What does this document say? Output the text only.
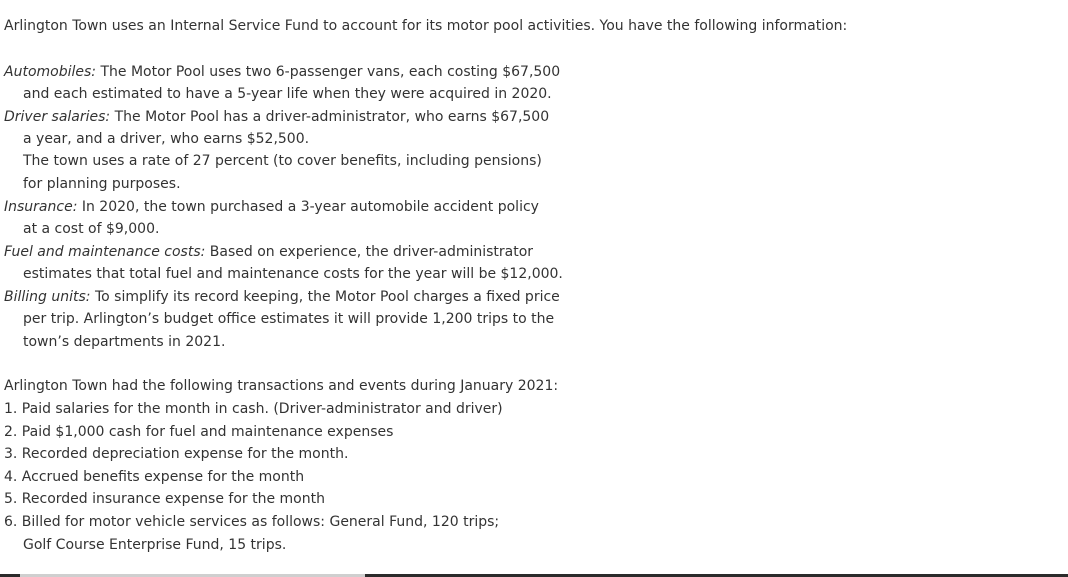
Arlington Town uses an Internal Service Fund to account for its motor pool activities. You have the following information:
Automobiles: The Motor Pool uses two 6-passenger vans, each costing $67,500
and each estimated to have a 5-year life when they were acquired in 2020.
Driver salaries: The Motor Pool has a driver-administrator, who earns $67,500
a year, and a driver, who earns $52,500.
The town uses a rate of 27 percent (to cover benefits, including pensions)
for planning purposes.
Insurance: In 2020, the town purchased a 3-year automobile accident policy
at a cost of $9,000.
Fuel and maintenance costs: Based on experience, the driver-administrator
estimates that total fuel and maintenance costs for the year will be $12,000.
Billing units: To simplify its record keeping, the Motor Pool charges a fixed price
per trip. Arlington’s budget office estimates it will provide 1,200 trips to the
town’s departments in 2021.
Arlington Town had the following transactions and events during January 2021:
1. Paid salaries for the month in cash. (Driver-administrator and driver)
2. Paid $1,000 cash for fuel and maintenance expenses
3. Recorded depreciation expense for the month.
4. Accrued benefits expense for the month
5. Recorded insurance expense for the month
6. Billed for motor vehicle services as follows: General Fund, 120 trips;
Golf Course Enterprise Fund, 15 trips.
